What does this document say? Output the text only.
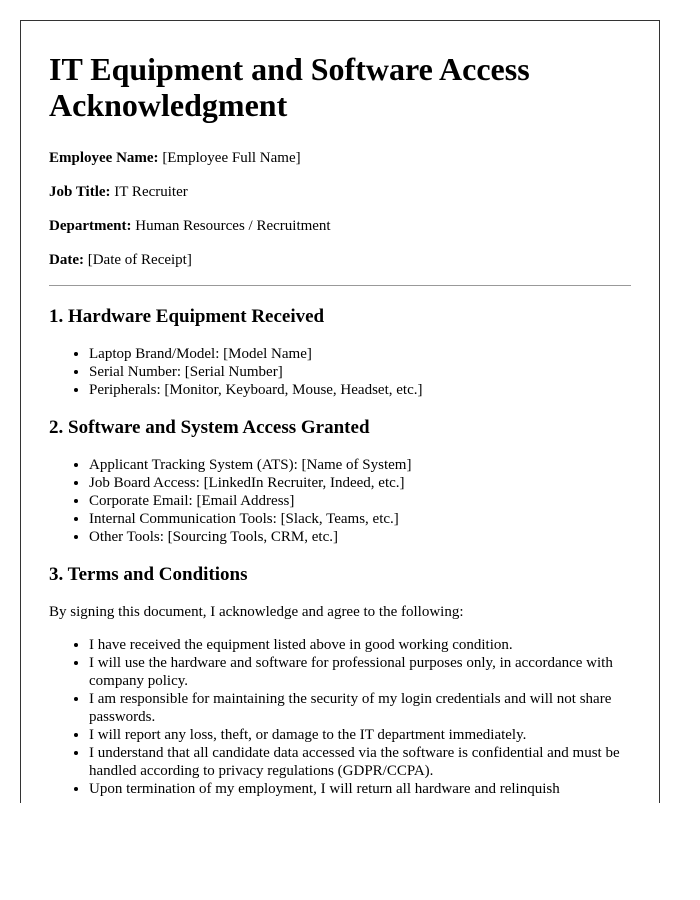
IT Equipment and Software Access Acknowledgment

Employee Name: [Employee Full Name]

Job Title: IT Recruiter

Department: Human Resources / Recruitment

Date: [Date of Receipt]

1. Hardware Equipment Received
• Laptop Brand/Model: [Model Name]
• Serial Number: [Serial Number]
• Peripherals: [Monitor, Keyboard, Mouse, Headset, etc.]
2. Software and System Access Granted
• Applicant Tracking System (ATS): [Name of System]
• Job Board Access: [LinkedIn Recruiter, Indeed, etc.]
• Corporate Email: [Email Address]
• Internal Communication Tools: [Slack, Teams, etc.]
• Other Tools: [Sourcing Tools, CRM, etc.]
3. Terms and Conditions

By signing this document, I acknowledge and agree to the following:

• I have received the equipment listed above in good working condition.
• I will use the hardware and software for professional purposes only, in accordance with company policy.
• I am responsible for maintaining the security of my login credentials and will not share passwords.
• I will report any loss, theft, or damage to the IT department immediately.
• I understand that all candidate data accessed via the software is confidential and must be handled according to privacy regulations (GDPR/CCPA).
• Upon termination of my employment, I will return all hardware and relinquish
